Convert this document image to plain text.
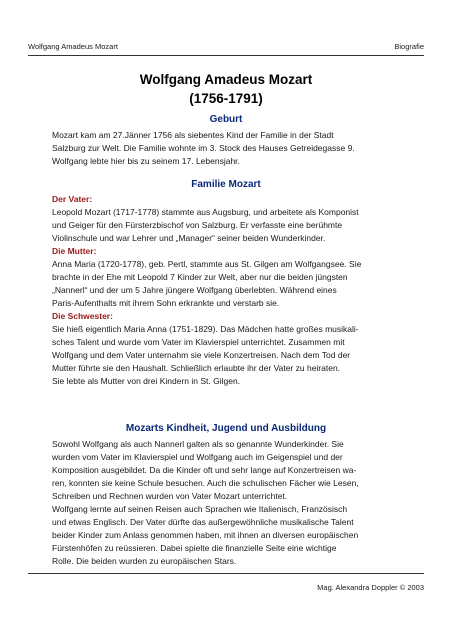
Wolfgang Amadeus Mozart	Biografie
Wolfgang Amadeus Mozart
(1756-1791)
Geburt
Mozart kam am 27.Jänner 1756 als siebentes Kind der Familie in der Stadt
Salzburg zur Welt. Die Familie wohnte im 3. Stock des Hauses Getreidegasse 9.
Wolfgang lebte hier bis zu seinem 17. Lebensjahr.
Familie Mozart
Der Vater:
Leopold Mozart (1717-1778) stammte aus Augsburg, und arbeitete als Komponist
und Geiger für den Fürsterzbischof von Salzburg. Er verfasste eine berühmte
Violinschule und war Lehrer und „Manager“ seiner beiden Wunderkinder.
Die Mutter:
Anna Maria (1720-1778), geb. Pertl, stammte aus St. Gilgen am Wolfgangsee. Sie
brachte in der Ehe mit Leopold 7 Kinder zur Welt, aber nur die beiden jüngsten
„Nannerl“ und der um 5 Jahre jüngere Wolfgang überlebten. Während eines
Paris-Aufenthalts mit ihrem Sohn erkrankte und verstarb sie.
Die Schwester:
Sie hieß eigentlich Maria Anna (1751-1829). Das Mädchen hatte großes musikali-
sches Talent und wurde vom Vater im Klavierspiel unterrichtet. Zusammen mit
Wolfgang und dem Vater unternahm sie viele Konzertreisen. Nach dem Tod der
Mutter führte sie den Haushalt. Schließlich erlaubte ihr der Vater zu heiraten.
Sie lebte als Mutter von drei Kindern in St. Gilgen.
Mozarts Kindheit, Jugend und Ausbildung
Sowohl Wolfgang als auch Nannerl galten als so genannte Wunderkinder. Sie
wurden vom Vater im Klavierspiel und Wolfgang auch im Geigenspiel und der
Komposition ausgebildet. Da die Kinder oft und sehr lange auf Konzertreisen wa-
ren, konnten sie keine Schule besuchen. Auch die schulischen Fächer wie Lesen,
Schreiben und Rechnen wurden von Vater Mozart unterrichtet.
Wolfgang lernte auf seinen Reisen auch Sprachen wie Italienisch, Französisch
und etwas Englisch. Der Vater dürfte das außergewöhnliche musikalische Talent
beider Kinder zum Anlass genommen haben, mit ihnen an diversen europäischen
Fürstenhöfen zu reüssieren. Dabei spielte die finanzielle Seite eine wichtige
Rolle. Die beiden wurden zu europäischen Stars.
Mag. Alexandra Doppler © 2003
